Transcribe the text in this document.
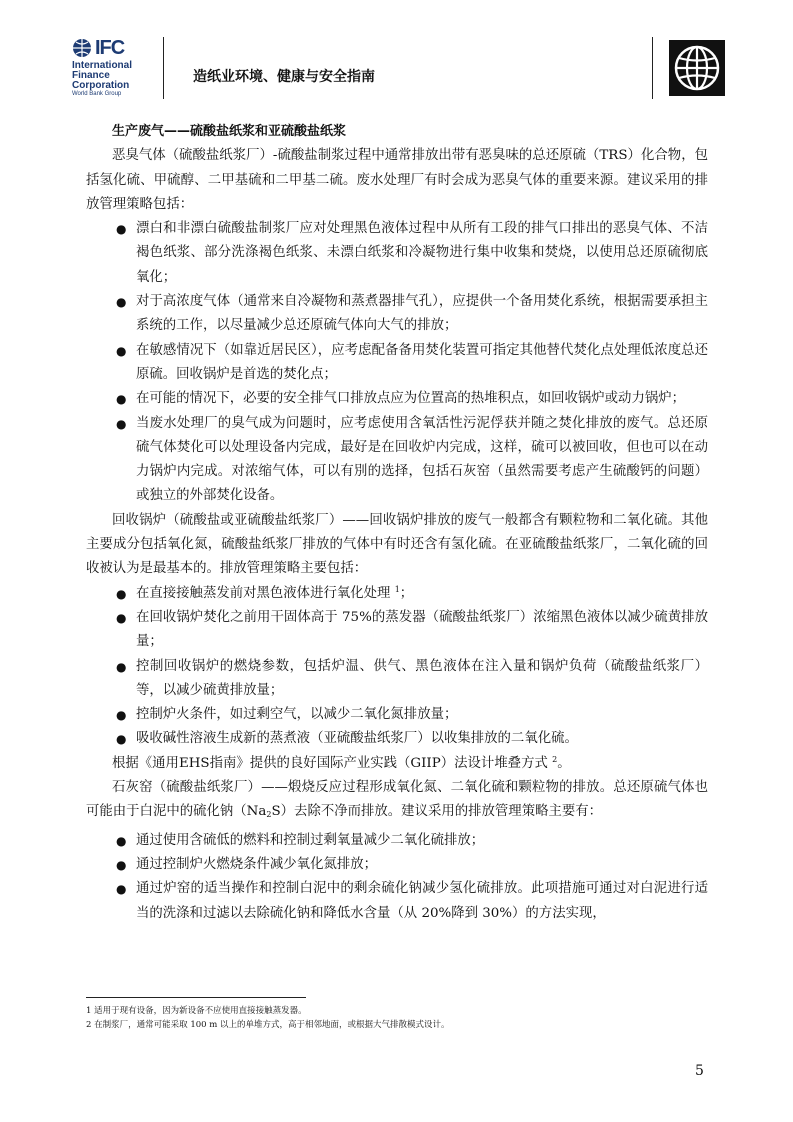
IFC
International
Finance
Corporation
World Bank Group
造纸业环境、健康与安全指南

生产废气——硫酸盐纸浆和亚硫酸盐纸浆

恶臭气体（硫酸盐纸浆厂）-硫酸盐制浆过程中通常排放出带有恶臭味的总还原硫（TRS）化合物，包括氢化硫、甲硫醇、二甲基硫和二甲基二硫。废水处理厂有时会成为恶臭气体的重要来源。建议采用的排放管理策略包括：

● 漂白和非漂白硫酸盐制浆厂应对处理黑色液体过程中从所有工段的排气口排出的恶臭气体、不洁褐色纸浆、部分洗涤褐色纸浆、未漂白纸浆和冷凝物进行集中收集和焚烧，以使用总还原硫彻底氧化；
● 对于高浓度气体（通常来自冷凝物和蒸煮器排气孔），应提供一个备用焚化系统，根据需要承担主系统的工作，以尽量减少总还原硫气体向大气的排放；
● 在敏感情况下（如靠近居民区），应考虑配备备用焚化装置可指定其他替代焚化点处理低浓度总还原硫。回收锅炉是首选的焚化点；
● 在可能的情况下，必要的安全排气口排放点应为位置高的热堆积点，如回收锅炉或动力锅炉；
● 当废水处理厂的臭气成为问题时，应考虑使用含氧活性污泥俘获并随之焚化排放的废气。总还原硫气体焚化可以处理设备内完成，最好是在回收炉内完成，这样，硫可以被回收，但也可以在动力锅炉内完成。对浓缩气体，可以有別的选择，包括石灰窑（虽然需要考虑产生硫酸钙的问题）或独立的外部焚化设备。

回收锅炉（硫酸盐或亚硫酸盐纸浆厂）——回收锅炉排放的废气一般都含有颗粒物和二氧化硫。其他主要成分包括氧化氮，硫酸盐纸浆厂排放的气体中有时还含有氢化硫。在亚硫酸盐纸浆厂，二氧化硫的回收被认为是最基本的。排放管理策略主要包括：

● 在直接接触蒸发前对黑色液体进行氧化处理 $^1$；
● 在回收锅炉焚化之前用干固体高于 75%的蒸发器（硫酸盐纸浆厂）浓缩黑色液体以减少硫黄排放量；
● 控制回收锅炉的燃烧参数，包括炉温、供气、黑色液体在注入量和锅炉负荷（硫酸盐纸浆厂）等，以减少硫黄排放量；
● 控制炉火条件，如过剩空气，以减少二氧化氮排放量；
● 吸收碱性溶液生成新的蒸煮液（亚硫酸盐纸浆厂）以收集排放的二氧化硫。

根据《通用EHS指南》提供的良好国际产业实践（GIIP）法设计堆叠方式 $^2$。

石灰窑（硫酸盐纸浆厂）——煅烧反应过程形成氧化氮、二氧化硫和颗粒物的排放。总还原硫气体也可能由于白泥中的硫化钠$(Na_2S)$去除不净而排放。建议采用的排放管理策略主要有：

● 通过使用含硫低的燃料和控制过剩氧量减少二氧化硫排放；
● 通过控制炉火燃烧条件减少氧化氮排放；
● 通过炉窑的适当操作和控制白泥中的剩余硫化钠减少氢化硫排放。此项措施可通过对白泥进行适当的洗涤和过滤以去除硫化钠和降低水含量（从 20%降到 30%）的方法实现，

1 适用于现有设备，因为新设备不应使用直接接触蒸发器。

2 在制浆厂，通常可能采取 100 m 以上的单堆方式，高于相邻地面，或根据大气排散模式设计。

5
